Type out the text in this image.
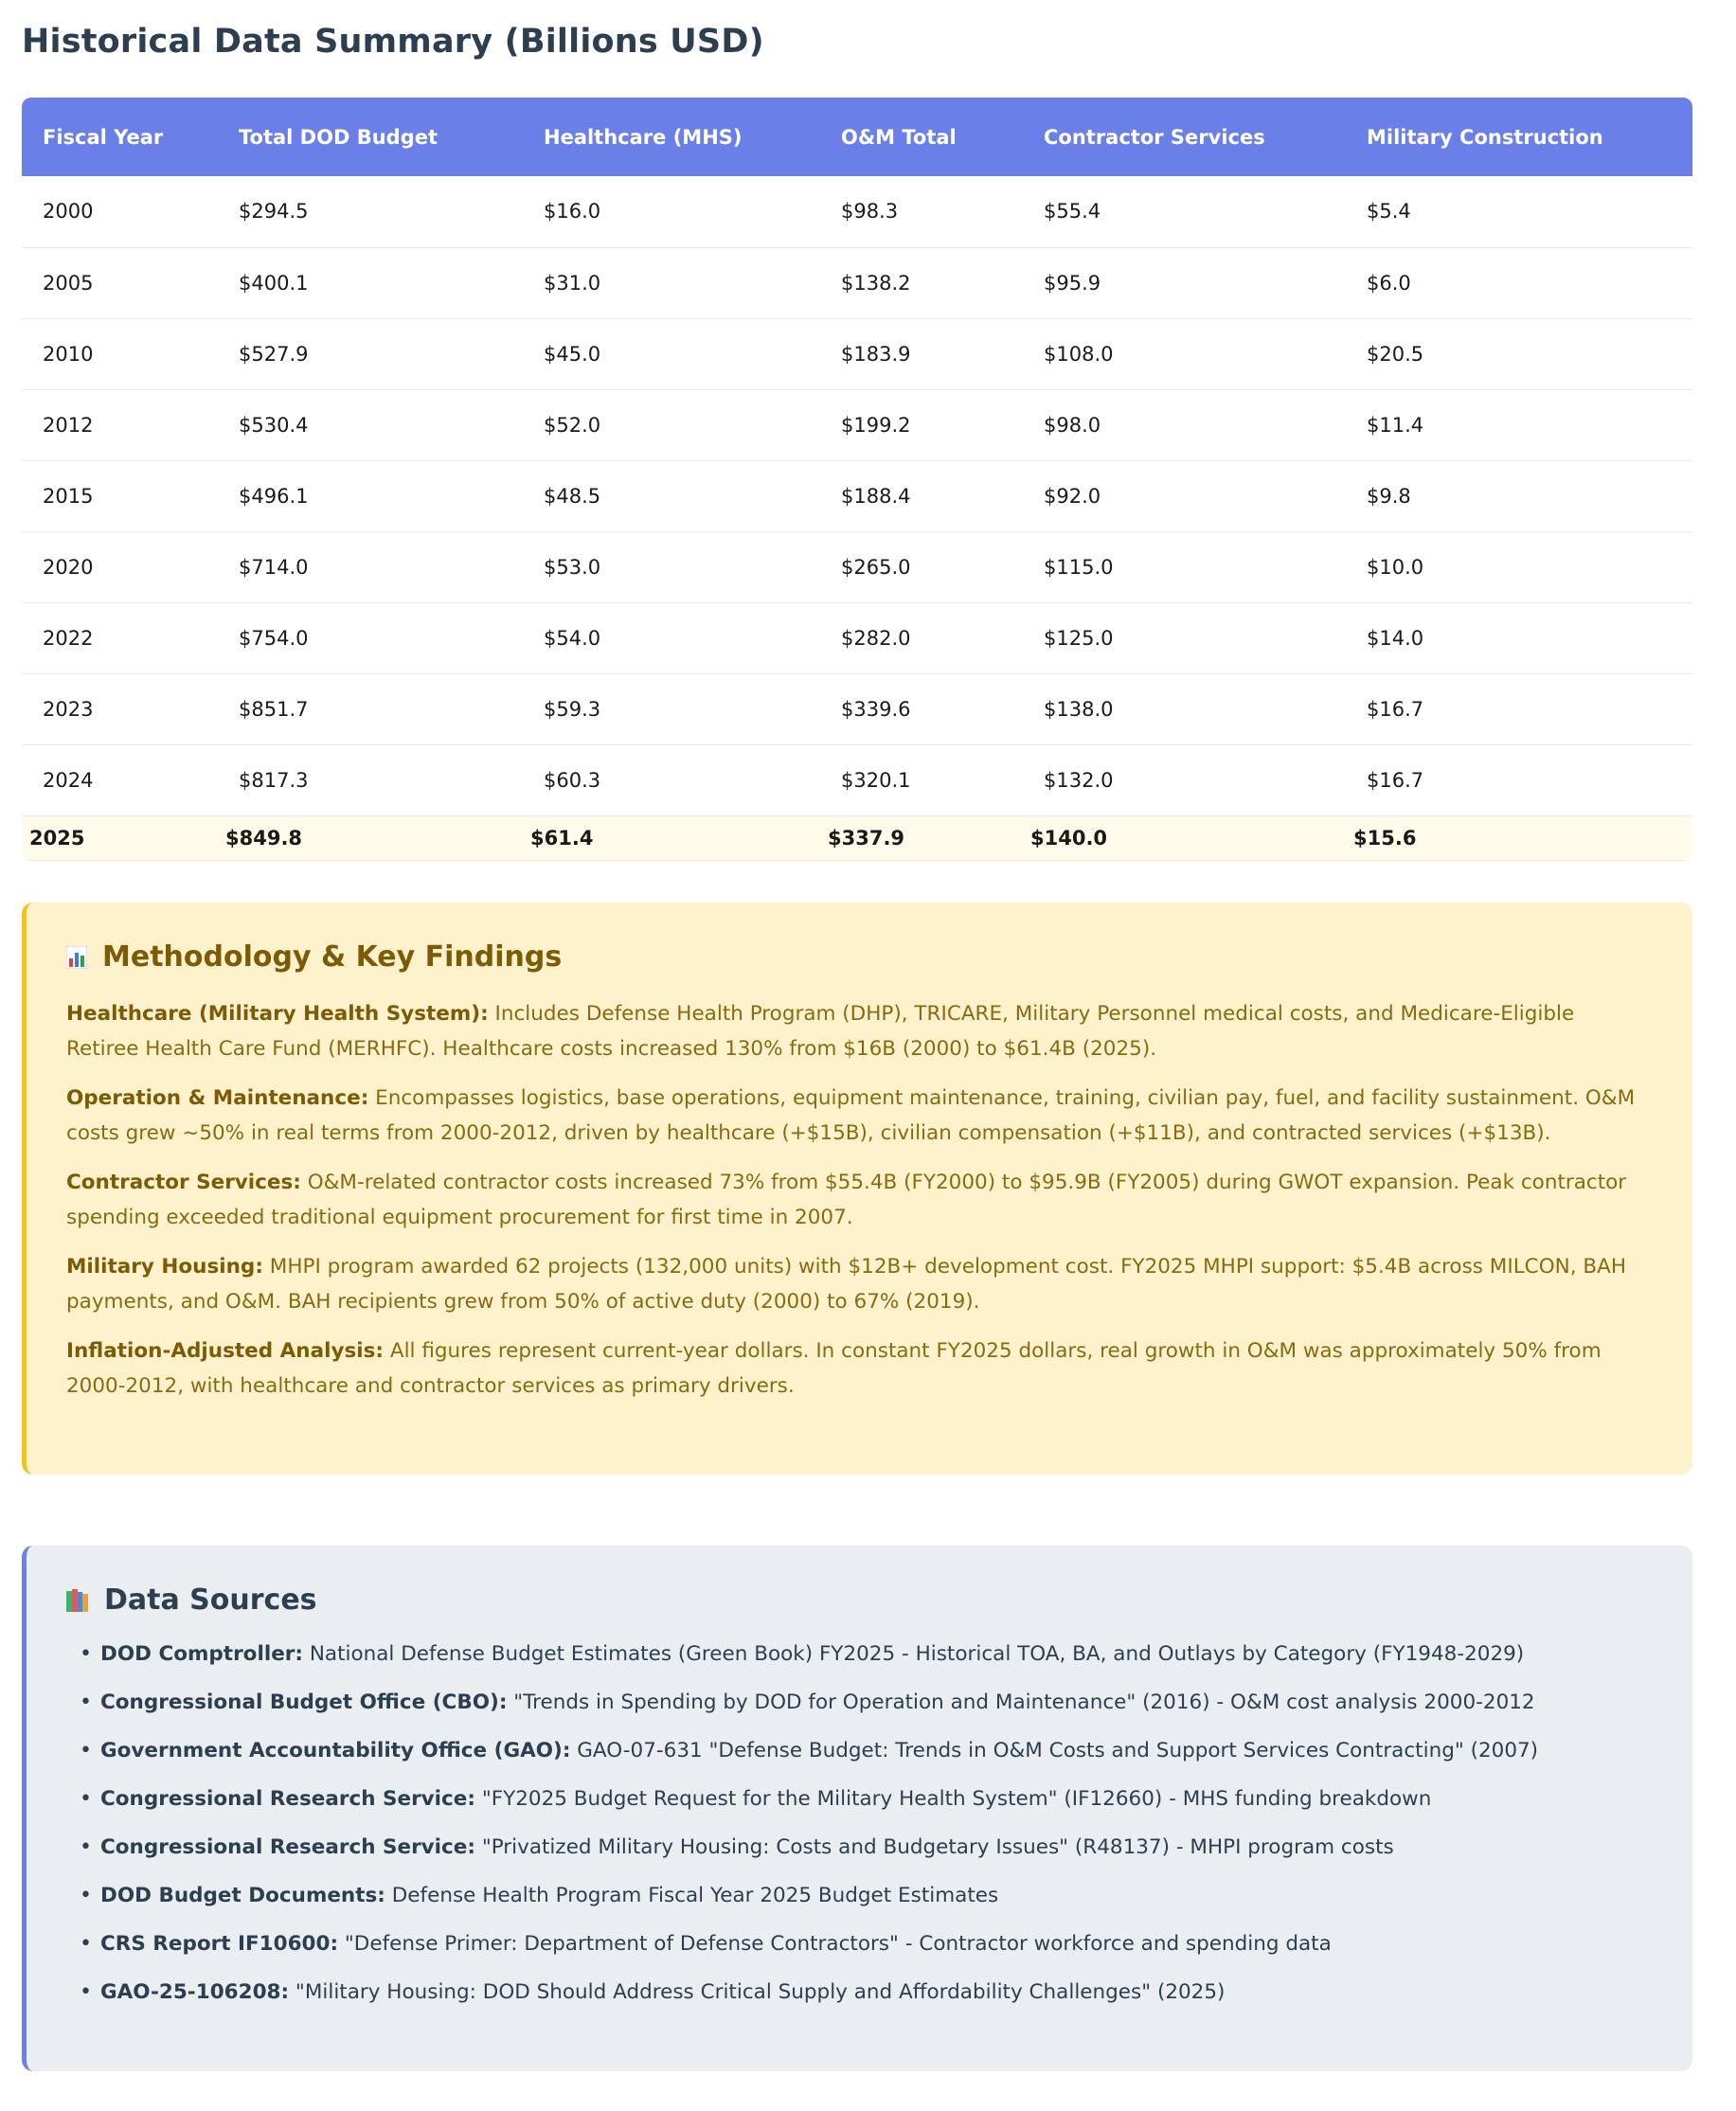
Historical Data Summary (Billions USD)
Fiscal Year	Total DOD Budget	Healthcare (MHS)	O&M Total	Contractor Services	Military Construction
2000	$294.5	$16.0	$98.3	$55.4	$5.4
2005	$400.1	$31.0	$138.2	$95.9	$6.0
2010	$527.9	$45.0	$183.9	$108.0	$20.5
2012	$530.4	$52.0	$199.2	$98.0	$11.4
2015	$496.1	$48.5	$188.4	$92.0	$9.8
2020	$714.0	$53.0	$265.0	$115.0	$10.0
2022	$754.0	$54.0	$282.0	$125.0	$14.0
2023	$851.7	$59.3	$339.6	$138.0	$16.7
2024	$817.3	$60.3	$320.1	$132.0	$16.7
2025	$849.8	$61.4	$337.9	$140.0	$15.6
Methodology & Key Findings

Healthcare (Military Health System): Includes Defense Health Program (DHP), TRICARE, Military Personnel medical costs, and Medicare-Eligible Retiree Health Care Fund (MERHFC). Healthcare costs increased 130% from $16B (2000) to $61.4B (2025).

Operation & Maintenance: Encompasses logistics, base operations, equipment maintenance, training, civilian pay, fuel, and facility sustainment. O&M costs grew ~50% in real terms from 2000-2012, driven by healthcare (+$15B), civilian compensation (+$11B), and contracted services (+$13B).

Contractor Services: O&M-related contractor costs increased 73% from $55.4B (FY2000) to $95.9B (FY2005) during GWOT expansion. Peak contractor spending exceeded traditional equipment procurement for first time in 2007.

Military Housing: MHPI program awarded 62 projects (132,000 units) with $12B+ development cost. FY2025 MHPI support: $5.4B across MILCON, BAH payments, and O&M. BAH recipients grew from 50% of active duty (2000) to 67% (2019).

Inflation-Adjusted Analysis: All figures represent current-year dollars. In constant FY2025 dollars, real growth in O&M was approximately 50% from 2000-2012, with healthcare and contractor services as primary drivers.

Data Sources
• DOD Comptroller: National Defense Budget Estimates (Green Book) FY2025 - Historical TOA, BA, and Outlays by Category (FY1948-2029)
• Congressional Budget Office (CBO): "Trends in Spending by DOD for Operation and Maintenance" (2016) - O&M cost analysis 2000-2012
• Government Accountability Office (GAO): GAO-07-631 "Defense Budget: Trends in O&M Costs and Support Services Contracting" (2007)
• Congressional Research Service: "FY2025 Budget Request for the Military Health System" (IF12660) - MHS funding breakdown
• Congressional Research Service: "Privatized Military Housing: Costs and Budgetary Issues" (R48137) - MHPI program costs
• DOD Budget Documents: Defense Health Program Fiscal Year 2025 Budget Estimates
• CRS Report IF10600: "Defense Primer: Department of Defense Contractors" - Contractor workforce and spending data
• GAO-25-106208: "Military Housing: DOD Should Address Critical Supply and Affordability Challenges" (2025)
